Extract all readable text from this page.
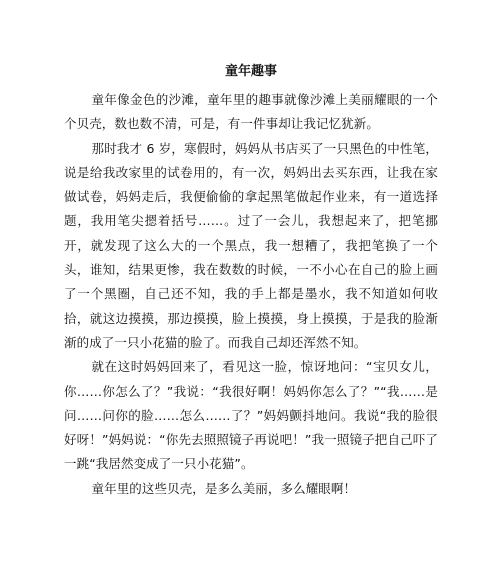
童年趣事

童年像金色的沙滩，童年里的趣事就像沙滩上美丽耀眼的一个个贝壳，数也数不清，可是，有一件事却让我记忆犹新。

那时我才 6 岁，寒假时，妈妈从书店买了一只黑色的中性笔，说是给我改家里的试卷用的，有一次，妈妈出去买东西，让我在家做试卷，妈妈走后，我便偷偷的拿起黑笔做起作业来，有一道选择题，我用笔尖摁着括号……。过了一会儿，我想起来了，把笔挪开，就发现了这么大的一个黑点，我一想糟了，我把笔换了一个头，谁知，结果更惨，我在数数的时候，一不小心在自己的脸上画了一个黑圈，自己还不知，我的手上都是墨水，我不知道如何收拾，就这边摸摸，那边摸摸，脸上摸摸，身上摸摸，于是我的脸渐渐的成了一只小花猫的脸了。而我自己却还浑然不知。

就在这时妈妈回来了，看见这一脸，惊讶地问：“宝贝女儿，你……你怎么了？”我说：“我很好啊！妈妈你怎么了？”“我……是问……问你的脸……怎么……了？”妈妈颤抖地问。我说“我的脸很好呀！”妈妈说：“你先去照照镜子再说吧！”我一照镜子把自己吓了一跳“我居然变成了一只小花猫”。

童年里的这些贝壳，是多么美丽，多么耀眼啊！
